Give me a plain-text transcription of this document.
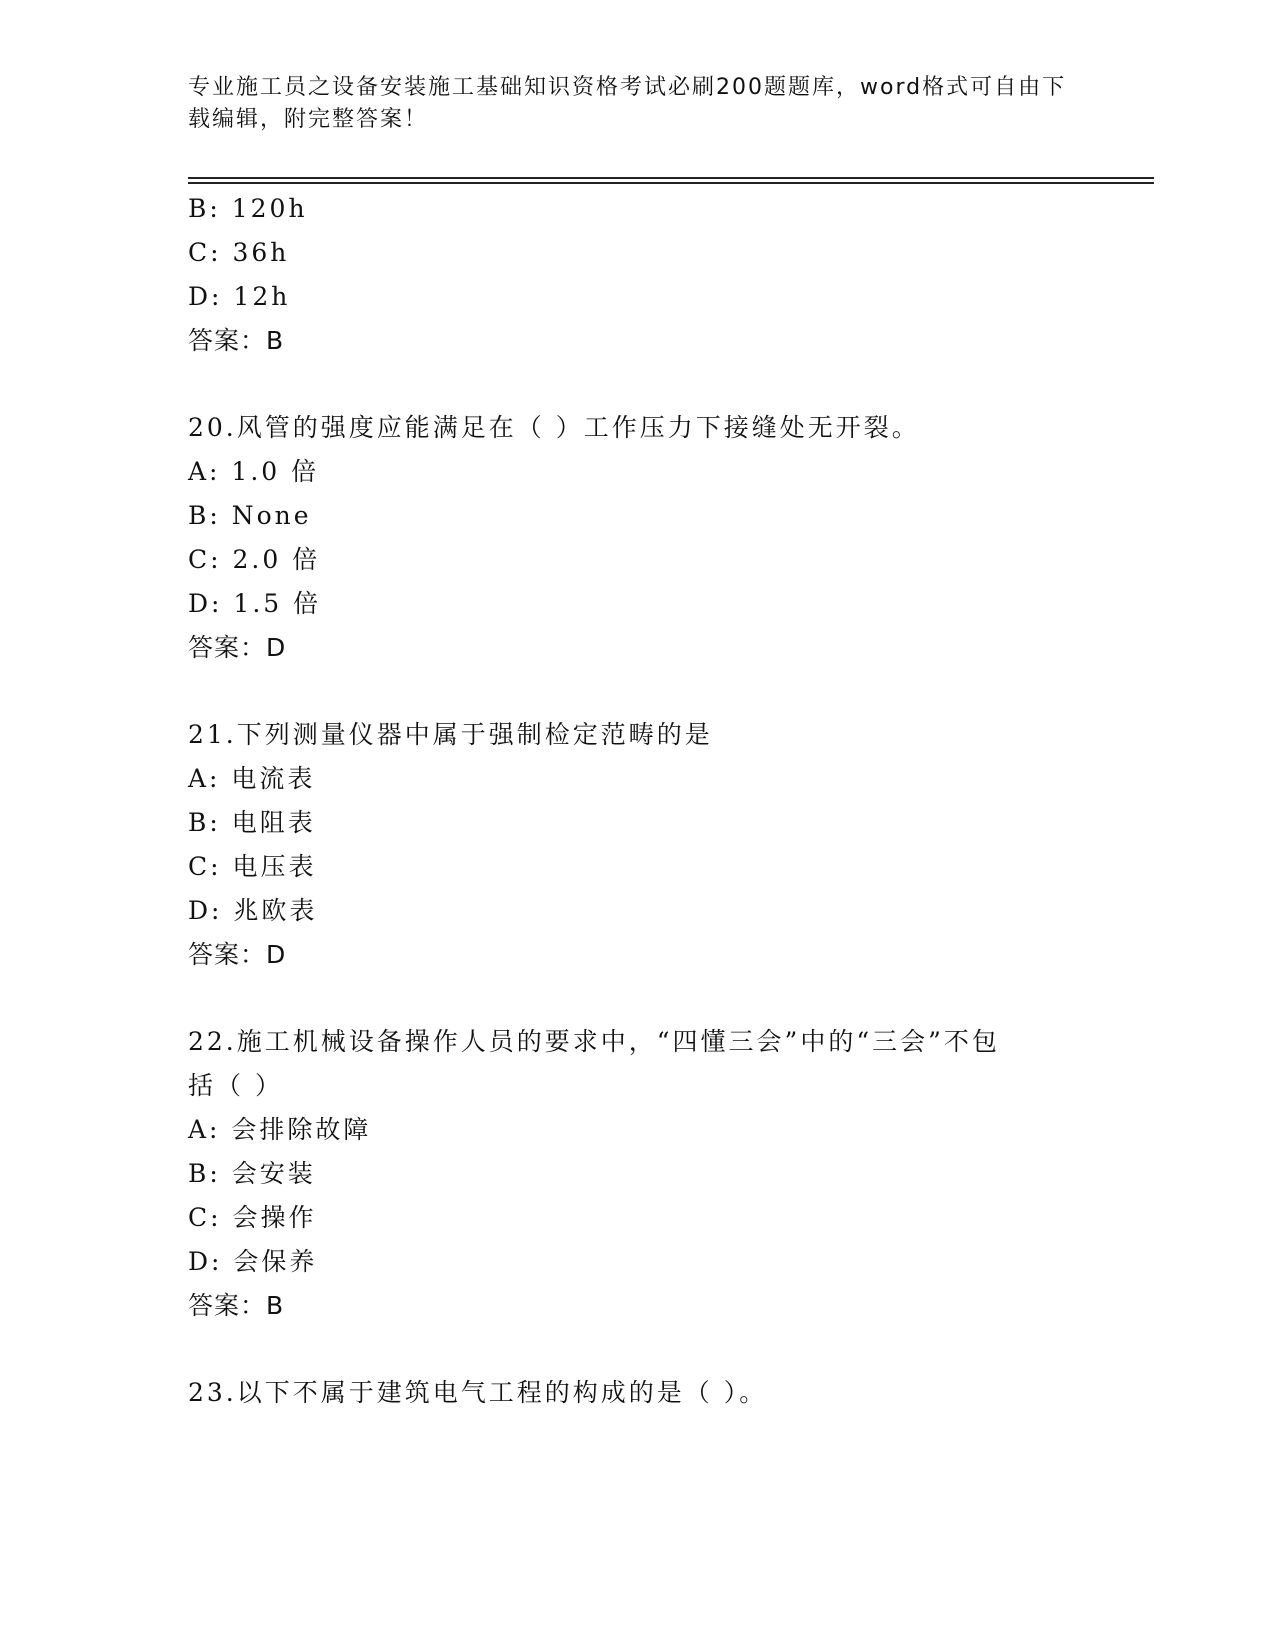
专业施工员之设备安装施工基础知识资格考试必刷200题题库，word格式可自由下载编辑，附完整答案！
B: 120h
C: 36h
D: 12h
答案：B
20.风管的强度应能满足在（ ）工作压力下接缝处无开裂。
A: 1.0 倍
B: None
C: 2.0 倍
D: 1.5 倍
答案：D
21.下列测量仪器中属于强制检定范畴的是
A: 电流表
B: 电阻表
C: 电压表
D: 兆欧表
答案：D
22.施工机械设备操作人员的要求中，“四懂三会”中的“三会”不包
括（ ）
A: 会排除故障
B: 会安装
C: 会操作
D: 会保养
答案：B
23.以下不属于建筑电气工程的构成的是（ ）。
